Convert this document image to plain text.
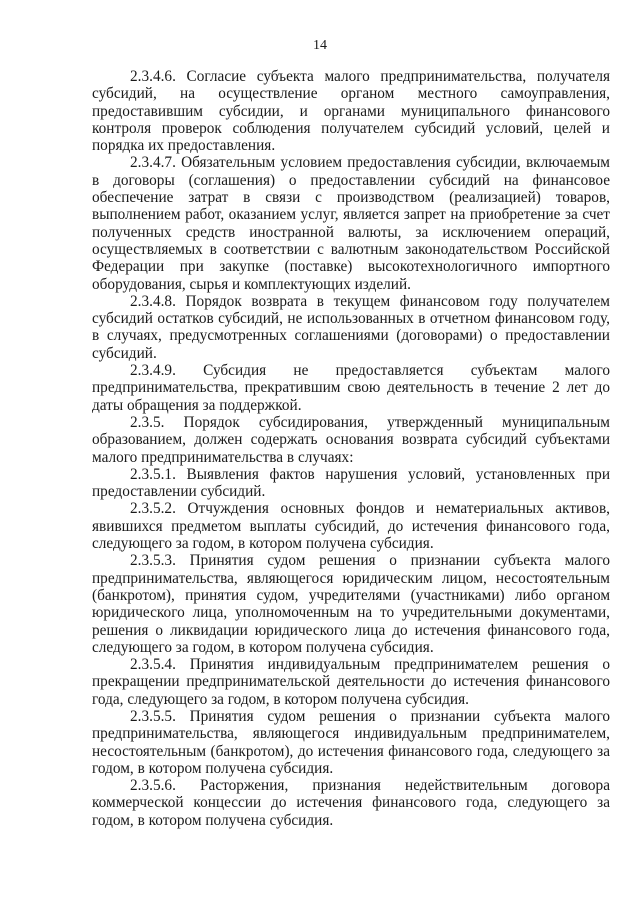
14

2.3.4.6. Согласие субъекта малого предпринимательства, получателя субсидий, на осуществление органом местного самоуправления, предоставившим субсидии, и органами муниципального финансового контроля проверок соблюдения получателем субсидий условий, целей и порядка их предоставления.

2.3.4.7. Обязательным условием предоставления субсидии, включаемым в договоры (соглашения) о предоставлении субсидий на финансовое обеспечение затрат в связи с производством (реализацией) товаров, выполнением работ, оказанием услуг, является запрет на приобретение за счет полученных средств иностранной валюты, за исключением операций, осуществляемых в соответствии с валютным законодательством Российской Федерации при закупке (поставке) высокотехнологичного импортного оборудования, сырья и комплектующих изделий.

2.3.4.8. Порядок возврата в текущем финансовом году получателем субсидий остатков субсидий, не использованных в отчетном финансовом году, в случаях, предусмотренных соглашениями (договорами) о предоставлении субсидий.

2.3.4.9. Субсидия не предоставляется субъектам малого предпринимательства, прекратившим свою деятельность в течение 2 лет до даты обращения за поддержкой.

2.3.5. Порядок субсидирования, утвержденный муниципальным образованием, должен содержать основания возврата субсидий субъектами малого предпринимательства в случаях:

2.3.5.1. Выявления фактов нарушения условий, установленных при предоставлении субсидий.

2.3.5.2. Отчуждения основных фондов и нематериальных активов, явившихся предметом выплаты субсидий, до истечения финансового года, следующего за годом, в котором получена субсидия.

2.3.5.3. Принятия судом решения о признании субъекта малого предпринимательства, являющегося юридическим лицом, несостоятельным (банкротом), принятия судом, учредителями (участниками) либо органом юридического лица, уполномоченным на то учредительными документами, решения о ликвидации юридического лица до истечения финансового года, следующего за годом, в котором получена субсидия.

2.3.5.4. Принятия индивидуальным предпринимателем решения о прекращении предпринимательской деятельности до истечения финансового года, следующего за годом, в котором получена субсидия.

2.3.5.5. Принятия судом решения о признании субъекта малого предпринимательства, являющегося индивидуальным предпринимателем, несостоятельным (банкротом), до истечения финансового года, следующего за годом, в котором получена субсидия.

2.3.5.6. Расторжения, признания недействительным договора коммерческой концессии до истечения финансового года, следующего за годом, в котором получена субсидия.
